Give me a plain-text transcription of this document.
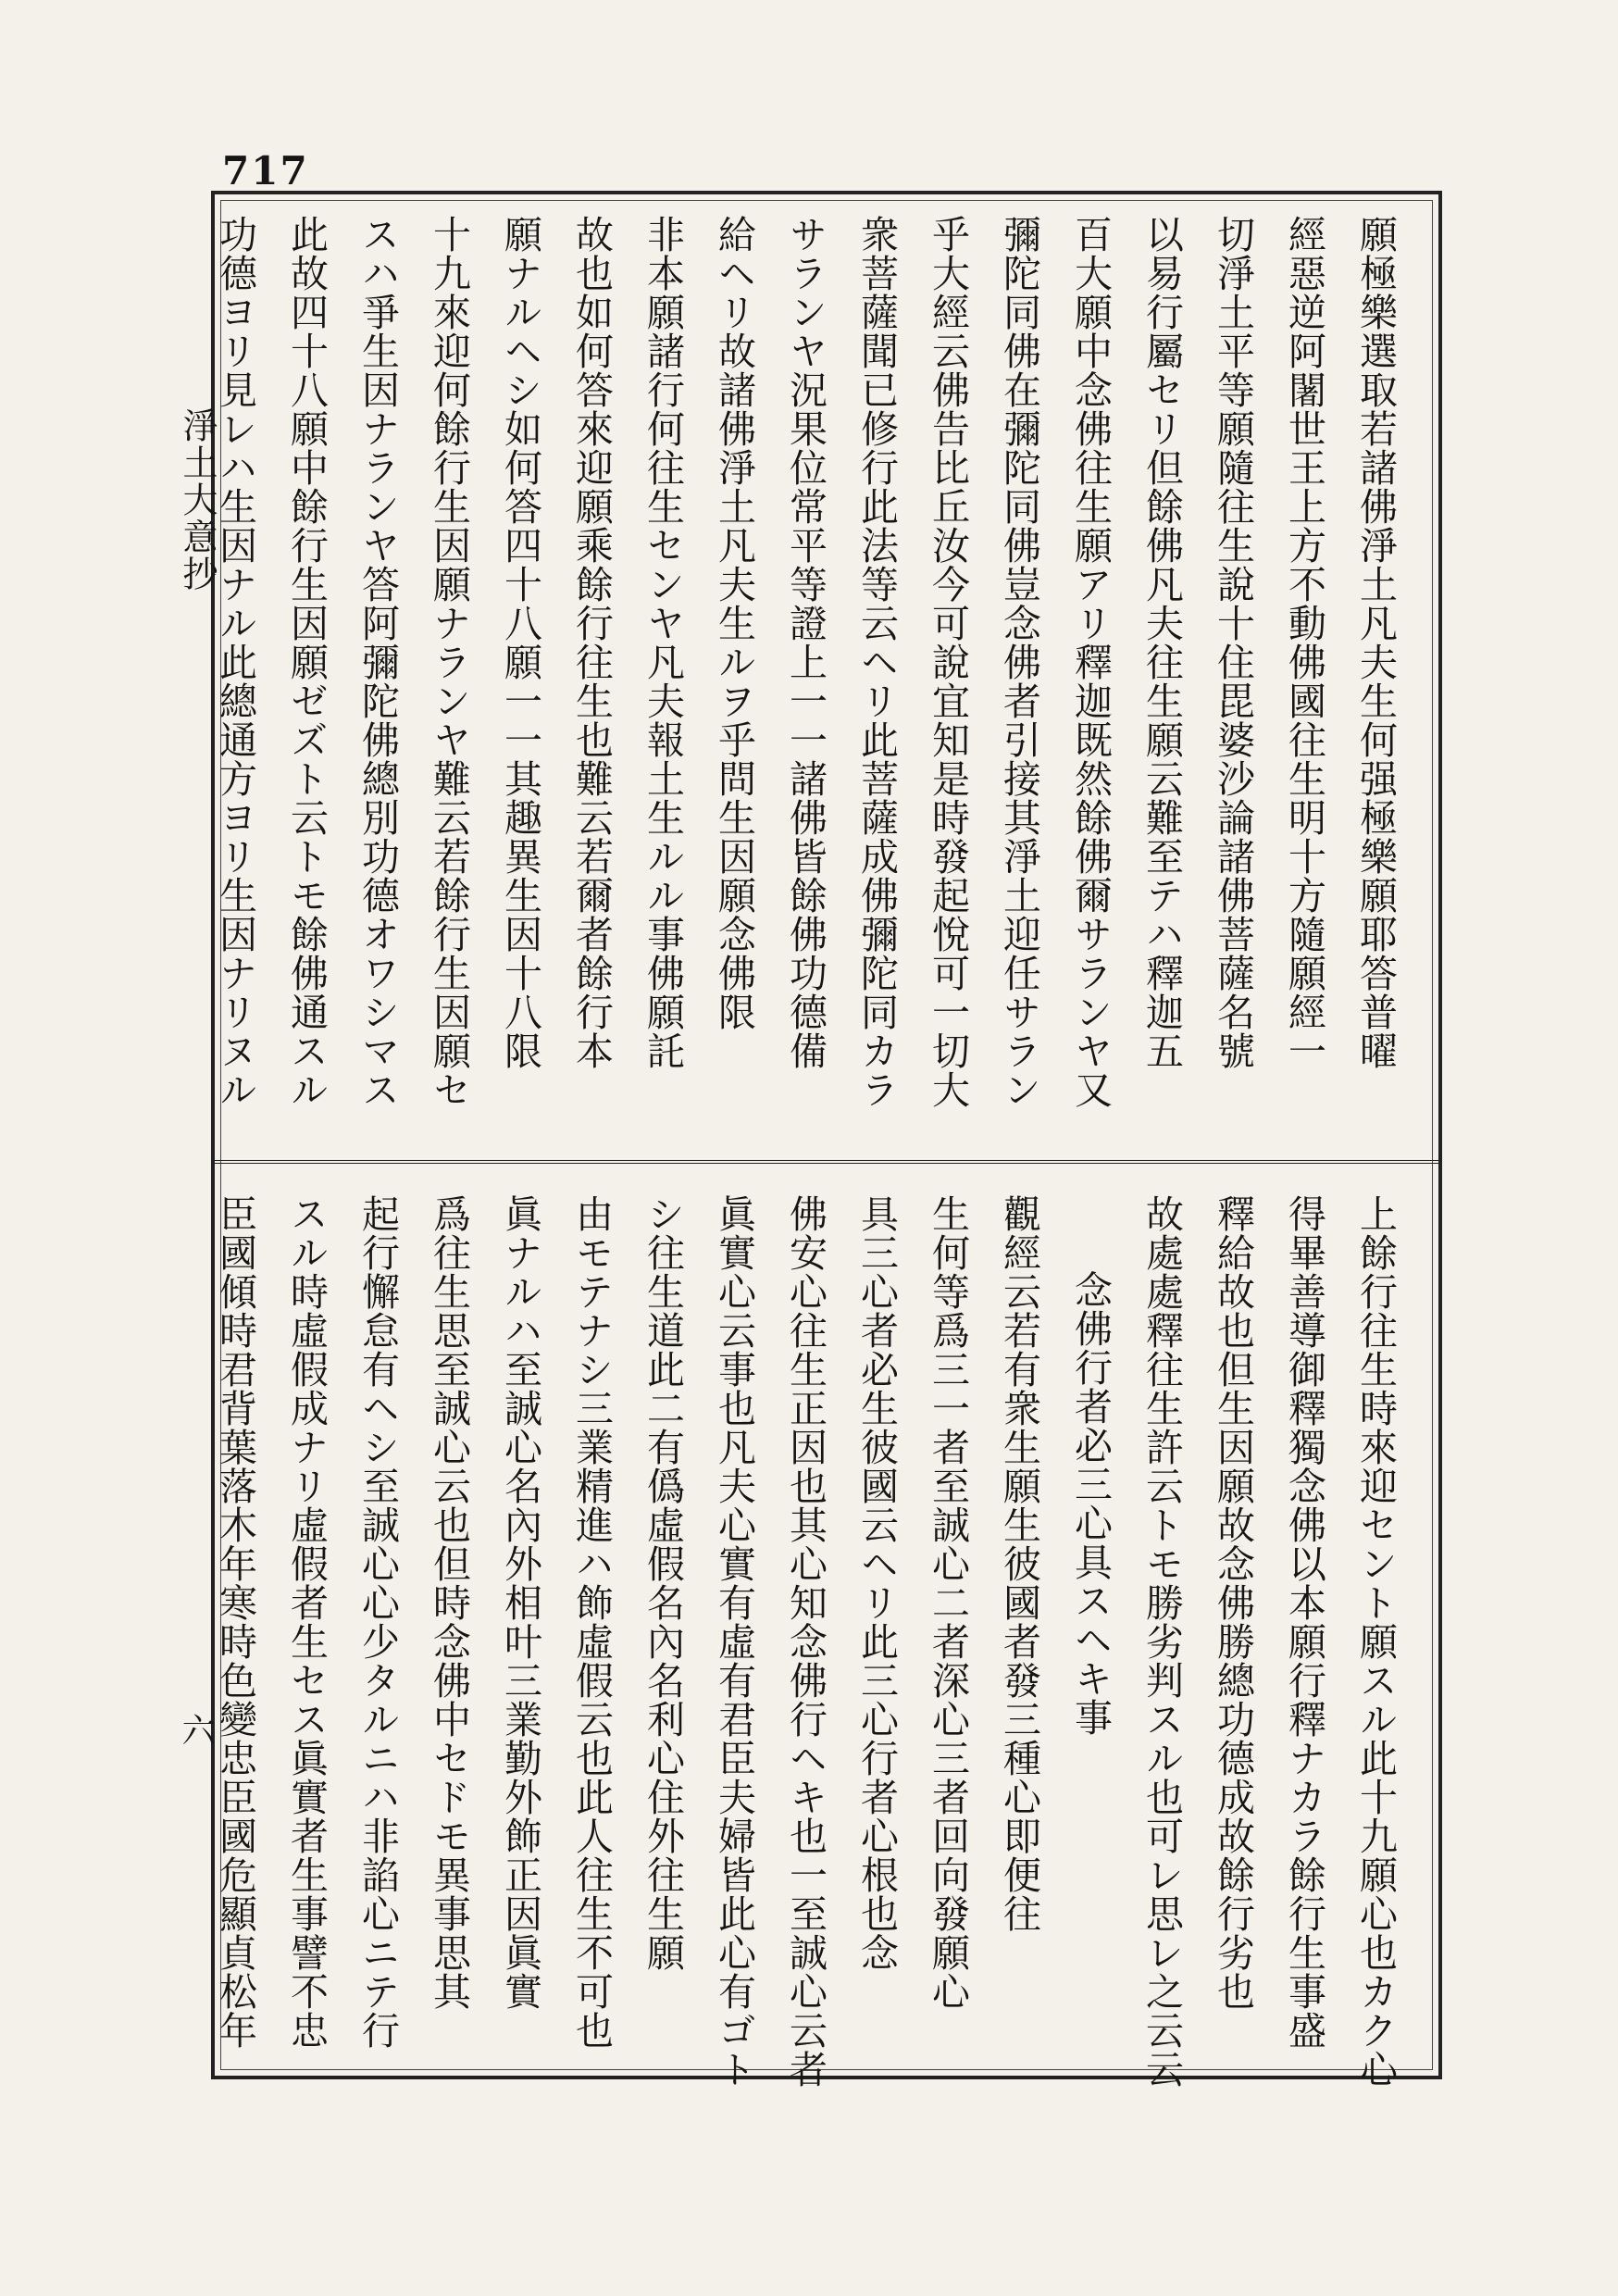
717
願極樂選取若諸佛淨土凡夫生何强極樂願耶答普曜
經惡逆阿闍世王上方不動佛國往生明十方隨願經一
切淨土平等願隨往生說十住毘婆沙論諸佛菩薩名號
以易行屬セリ但餘佛凡夫往生願云難至テハ釋迦五
百大願中念佛往生願アリ釋迦既然餘佛爾サランヤ又
彌陀同佛在彌陀同佛豈念佛者引接其淨土迎任サラン
乎大經云佛告比丘汝今可說宜知是時發起悅可一切大
衆菩薩聞已修行此法等云ヘリ此菩薩成佛彌陀同カラ
サランヤ況果位常平等證上一一諸佛皆餘佛功德備
給ヘリ故諸佛淨土凡夫生ルヲ乎問生因願念佛限
非本願諸行何往生センヤ凡夫報土生ルル事佛願託
故也如何答來迎願乘餘行往生也難云若爾者餘行本
願ナルヘシ如何答四十八願一一其趣異生因十八限
十九來迎何餘行生因願ナランヤ難云若餘行生因願セ
スハ爭生因ナランヤ答阿彌陀佛總別功德オワシマス
此故四十八願中餘行生因願ゼズト云トモ餘佛通スル
功德ヨリ見レハ生因ナル此總通方ヨリ生因ナリヌル
上餘行往生時來迎セント願スル此十九願心也カク心
得畢善導御釋獨念佛以本願行釋ナカラ餘行生事盛
釋給故也但生因願故念佛勝總功德成故餘行劣也
故處處釋往生許云トモ勝劣判スル也可レ思レ之云云
念佛行者必三心具スヘキ事
觀經云若有衆生願生彼國者發三種心即便往
生何等爲三一者至誠心二者深心三者回向發願心
具三心者必生彼國云ヘリ此三心行者心根也念
佛安心往生正因也其心知念佛行ヘキ也一至誠心云者
眞實心云事也凡夫心實有虛有君臣夫婦皆此心有ゴト
シ往生道此二有僞虛假名內名利心住外往生願
由モテナシ三業精進ハ飾虛假云也此人往生不可也
眞ナルハ至誠心名內外相叶三業勤外飾正因眞實
爲往生思至誠心云也但時念佛中セドモ異事思其
起行懈怠有ヘシ至誠心心少タルニハ非諂心ニテ行
スル時虛假成ナリ虛假者生セス眞實者生事譬不忠
臣國傾時君背葉落木年寒時色變忠臣國危顯貞松年
淨土大意抄
六
